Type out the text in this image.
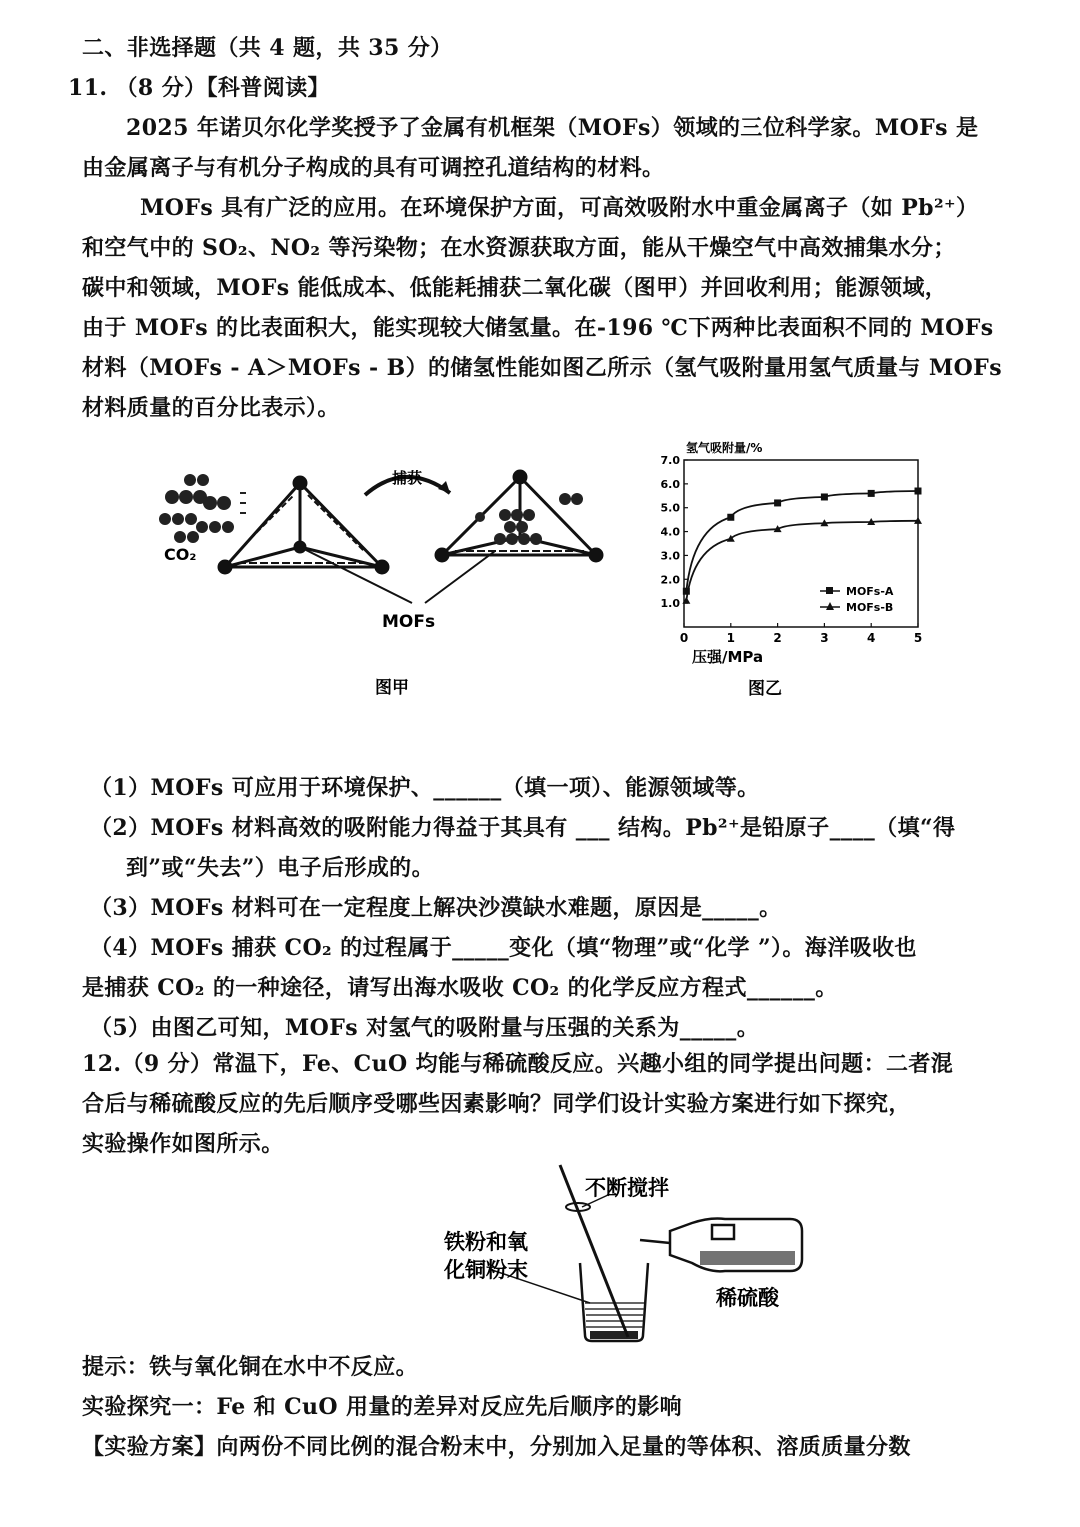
二、非选择题（共 4 题，共 35 分）
11. （8 分）【科普阅读】
2025 年诺贝尔化学奖授予了金属有机框架（MOFs）领域的三位科学家。MOFs 是
由金属离子与有机分子构成的具有可调控孔道结构的材料。
MOFs 具有广泛的应用。在环境保护方面，可高效吸附水中重金属离子（如 Pb²⁺）
和空气中的 SO₂、NO₂ 等污染物；在水资源获取方面，能从干燥空气中高效捕集水分；
碳中和领域，MOFs 能低成本、低能耗捕获二氧化碳（图甲）并回收利用；能源领域，
由于 MOFs 的比表面积大，能实现较大储氢量。在-196 ℃下两种比表面积不同的 MOFs
材料（MOFs - A＞MOFs - B）的储氢性能如图乙所示（氢气吸附量用氢气质量与 MOFs
材料质量的百分比表示）。
CO₂
捕获
MOFs
图甲
氢气吸附量/%
1.0
2.0
3.0
4.0
5.0
6.0
7.0
0	1	2	3	4	5
MOFs-A
MOFs-B
压强/MPa
图乙
（1）MOFs 可应用于环境保护、______（填一项）、能源领域等。
（2）MOFs 材料高效的吸附能力得益于其具有 ___ 结构。Pb²⁺是铅原子____（填“得
到”或“失去”）电子后形成的。
（3）MOFs 材料可在一定程度上解决沙漠缺水难题，原因是_____。
（4）MOFs 捕获 CO₂ 的过程属于_____变化（填“物理”或“化学 ”）。海洋吸收也
是捕获 CO₂ 的一种途径，请写出海水吸收 CO₂ 的化学反应方程式______。
（5）由图乙可知，MOFs 对氢气的吸附量与压强的关系为_____。
12.（9 分）常温下，Fe、CuO 均能与稀硫酸反应。兴趣小组的同学提出问题：二者混
合后与稀硫酸反应的先后顺序受哪些因素影响？同学们设计实验方案进行如下探究，
实验操作如图所示。
不断搅拌
铁粉和氧
化铜粉末
稀硫酸
提示：铁与氧化铜在水中不反应。
实验探究一：Fe 和 CuO 用量的差异对反应先后顺序的影响
【实验方案】向两份不同比例的混合粉末中，分别加入足量的等体积、溶质质量分数
